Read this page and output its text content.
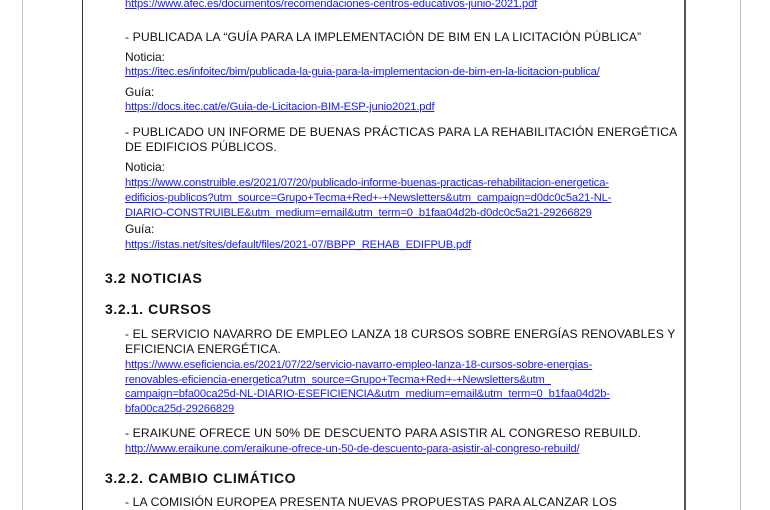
https://www.afec.es/documentos/recomendaciones-centros-educativos-junio-2021.pdf
- PUBLICADA LA “GUÍA PARA LA IMPLEMENTACIÓN DE BIM EN LA LICITACIÓN PÚBLICA”
Noticia:
https://itec.es/infoitec/bim/publicada-la-guia-para-la-implementacion-de-bim-en-la-licitacion-publica/
Guía:
https://docs.itec.cat/e/Guia-de-Licitacion-BIM-ESP-junio2021.pdf
- PUBLICADO UN INFORME DE BUENAS PRÁCTICAS PARA LA REHABILITACIÓN ENERGÉTICA
DE EDIFICIOS PÚBLICOS.
Noticia:
https://www.construible.es/2021/07/20/publicado-informe-buenas-practicas-rehabilitacion-energetica-
edificios-publicos?utm_source=Grupo+Tecma+Red+-+Newsletters&utm_campaign=d0dc0c5a21-NL-
DIARIO-CONSTRUIBLE&utm_medium=email&utm_term=0_b1faa04d2b-d0dc0c5a21-29266829
Guía:
https://istas.net/sites/default/files/2021-07/BBPP_REHAB_EDIFPUB.pdf
3.2 NOTICIAS
3.2.1. CURSOS
- EL SERVICIO NAVARRO DE EMPLEO LANZA 18 CURSOS SOBRE ENERGÍAS RENOVABLES Y
EFICIENCIA ENERGÉTICA.
https://www.eseficiencia.es/2021/07/22/servicio-navarro-empleo-lanza-18-cursos-sobre-energias-
renovables-eficiencia-energetica?utm_source=Grupo+Tecma+Red+-+Newsletters&utm_
campaign=bfa00ca25d-NL-DIARIO-ESEFICIENCIA&utm_medium=email&utm_term=0_b1faa04d2b-
bfa00ca25d-29266829
- ERAIKUNE OFRECE UN 50% DE DESCUENTO PARA ASISTIR AL CONGRESO REBUILD.
http://www.eraikune.com/eraikune-ofrece-un-50-de-descuento-para-asistir-al-congreso-rebuild/
3.2.2. CAMBIO CLIMÁTICO
- LA COMISIÓN EUROPEA PRESENTA NUEVAS PROPUESTAS PARA ALCANZAR LOS
